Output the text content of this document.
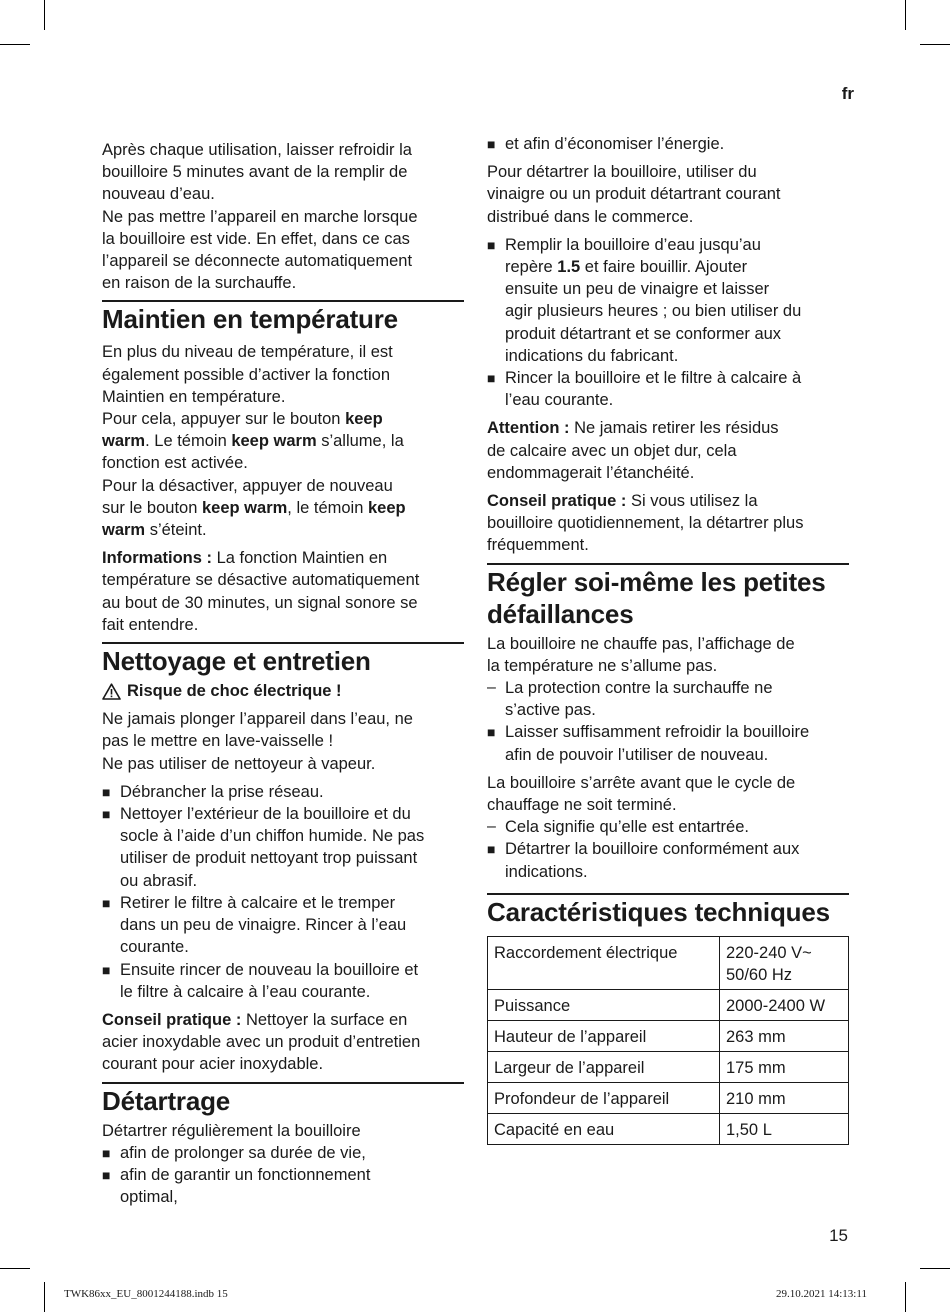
fr

Après chaque utilisation, laisser refroidir la
bouilloire 5 minutes avant de la remplir de
nouveau d’eau.
Ne pas mettre l’appareil en marche lorsque
la bouilloire est vide. En effet, dans ce cas
l’appareil se déconnecte automatiquement
en raison de la surchauffe.

Maintien en température

En plus du niveau de température, il est
également possible d’activer la fonction
Maintien en température.
Pour cela, appuyer sur le bouton keep
warm. Le témoin keep warm s’allume, la
fonction est activée.
Pour la désactiver, appuyer de nouveau
sur le bouton keep warm, le témoin keep
warm s’éteint.

Informations : La fonction Maintien en
température se désactive automatiquement
au bout de 30 minutes, un signal sonore se
fait entendre.

Nettoyage et entretien
Risque de choc électrique !

Ne jamais plonger l’appareil dans l’eau, ne
pas le mettre en lave-vaisselle !
Ne pas utiliser de nettoyeur à vapeur.

■ Débrancher la prise réseau.
■ Nettoyer l’extérieur de la bouilloire et du
socle à l’aide d’un chiffon humide. Ne pas
utiliser de produit nettoyant trop puissant
ou abrasif.
■ Retirer le filtre à calcaire et le tremper
dans un peu de vinaigre. Rincer à l’eau
courante.
■ Ensuite rincer de nouveau la bouilloire et
le filtre à calcaire à l’eau courante.

Conseil pratique : Nettoyer la surface en
acier inoxydable avec un produit d’entretien
courant pour acier inoxydable.

Détartrage
Détartrer régulièrement la bouilloire
■ afin de prolonger sa durée de vie,
■ afin de garantir un fonctionnement
optimal,
■ et afin d’économiser l’énergie.

Pour détartrer la bouilloire, utiliser du
vinaigre ou un produit détartrant courant
distribué dans le commerce.

■ Remplir la bouilloire d’eau jusqu’au
repère 1.5 et faire bouillir. Ajouter
ensuite un peu de vinaigre et laisser
agir plusieurs heures ; ou bien utiliser du
produit détartrant et se conformer aux
indications du fabricant.
■ Rincer la bouilloire et le filtre à calcaire à
l’eau courante.

Attention : Ne jamais retirer les résidus
de calcaire avec un objet dur, cela
endommagerait l’étanchéité.

Conseil pratique : Si vous utilisez la
bouilloire quotidiennement, la détartrer plus
fréquemment.

Régler soi-même les petites
défaillances
La bouilloire ne chauffe pas, l’affichage de
la température ne s’allume pas.
– La protection contre la surchauffe ne
s’active pas.
■ Laisser suffisamment refroidir la bouilloire
afin de pouvoir l’utiliser de nouveau.
La bouilloire s’arrête avant que le cycle de
chauffage ne soit terminé.
– Cela signifie qu’elle est entartrée.
■ Détartrer la bouilloire conformément aux
indications.
Caractéristiques techniques
Raccordement électrique	220-240 V~
50/60 Hz

Puissance	2000-2400 W
Hauteur de l’appareil	263 mm
Largeur de l’appareil	175 mm
Profondeur de l’appareil	210 mm
Capacité en eau	1,50 L
15
TWK86xx_EU_8001244188.indb 15	29.10.2021 14:13:11
